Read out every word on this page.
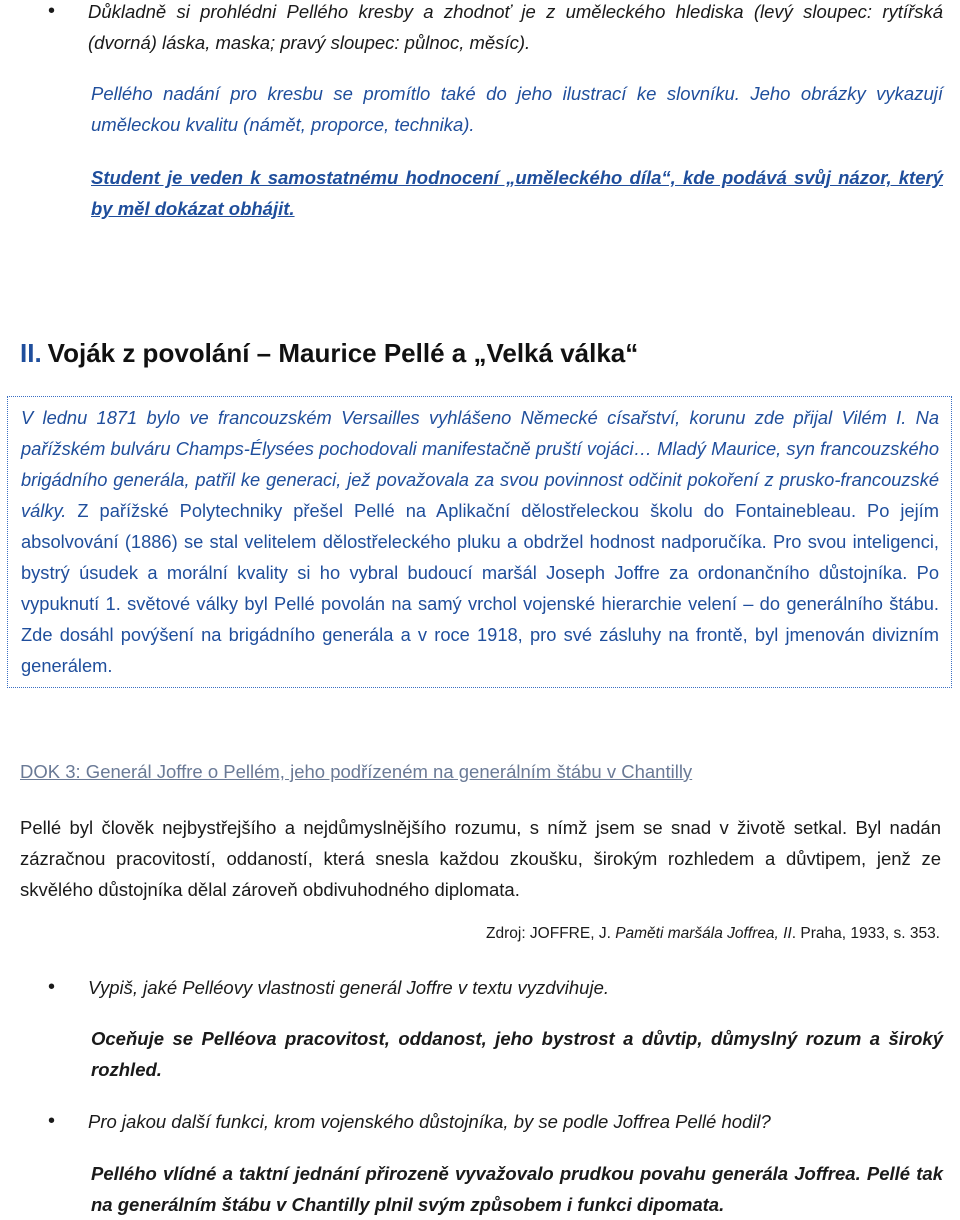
•	Důkladně si prohlédni Pellého kresby a zhodnoť je z uměleckého hlediska (levý sloupec: rytířská (dvorná) láska, maska; pravý sloupec: půlnoc, měsíc).

Pellého nadání pro kresbu se promítlo také do jeho ilustrací ke slovníku. Jeho obrázky vykazují uměleckou kvalitu (námět, proporce, technika).

Student je veden k samostatnému hodnocení „uměleckého díla“, kde podává svůj názor, který by měl dokázat obhájit.

II. Voják z povolání – Maurice Pellé a „Velká válka“

V lednu 1871 bylo ve francouzském Versailles vyhlášeno Německé císařství, korunu zde přijal Vilém I. Na pařížském bulváru Champs-Élysées pochodovali manifestačně pruští vojáci… Mladý Maurice, syn francouzského brigádního generála, patřil ke generaci, jež považovala za svou povinnost odčinit pokoření z prusko-francouzské války. Z pařížské Polytechniky přešel Pellé na Aplikační dělostřeleckou školu do Fontainebleau. Po jejím absolvování (1886) se stal velitelem dělostřeleckého pluku a obdržel hodnost nadporučíka. Pro svou inteligenci, bystrý úsudek a morální kvality si ho vybral budoucí maršál Joseph Joffre za ordonančního důstojníka. Po vypuknutí 1. světové války byl Pellé povolán na samý vrchol vojenské hierarchie velení – do generálního štábu. Zde dosáhl povýšení na brigádního generála a v roce 1918, pro své zásluhy na frontě, byl jmenován divizním generálem.

DOK 3: Generál Joffre o Pellém, jeho podřízeném na generálním štábu v Chantilly

Pellé byl člověk nejbystřejšího a nejdůmyslnějšího rozumu, s nímž jsem se snad v životě setkal. Byl nadán zázračnou pracovitostí, oddaností, která snesla každou zkoušku, širokým rozhledem a důvtipem, jenž ze skvělého důstojníka dělal zároveň obdivuhodného diplomata.

Zdroj: JOFFRE, J. Paměti maršála Joffrea, II. Praha, 1933, s. 353.
•	Vypiš, jaké Pelléovy vlastnosti generál Joffre v textu vyzdvihuje.

Oceňuje se Pelléova pracovitost, oddanost, jeho bystrost a důvtip, důmyslný rozum a široký rozhled.

•	Pro jakou další funkci, krom vojenského důstojníka, by se podle Joffrea Pellé hodil?

Pellého vlídné a taktní jednání přirozeně vyvažovalo prudkou povahu generála Joffrea. Pellé tak na generálním štábu v Chantilly plnil svým způsobem i funkci dipomata.
